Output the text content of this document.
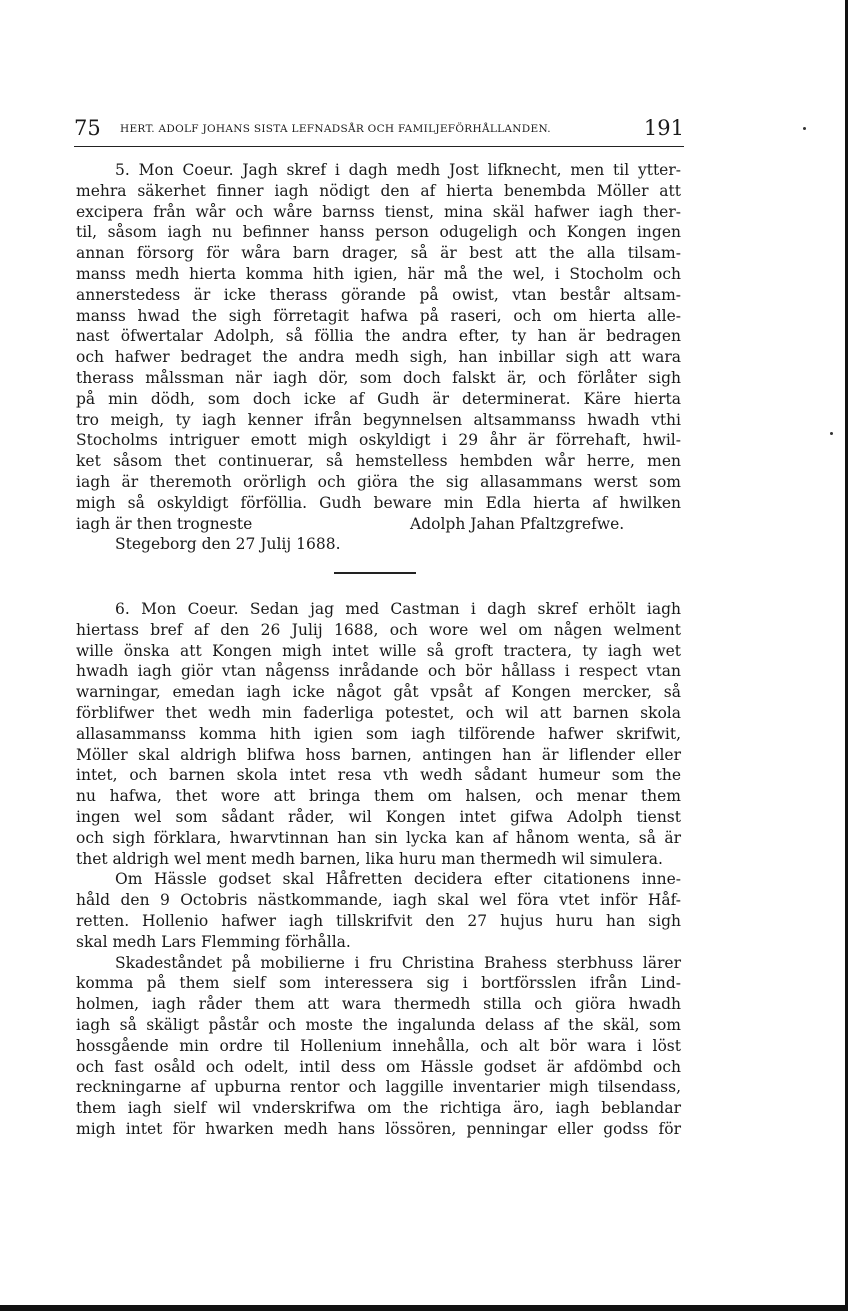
75 HERT. ADOLF JOHANS SISTA LEFNADSÅR OCH FAMILJEFÖRHÅLLANDEN.	191
5. Mon Coeur. Jagh skref i dagh medh Jost lifknecht, men til ytter-
mehra säkerhet finner iagh nödigt den af hierta benembda Möller att
excipera från wår och wåre barnss tienst, mina skäl hafwer iagh ther-
til, såsom iagh nu befinner hanss person odugeligh och Kongen ingen
annan försorg för wåra barn drager, så är best att the alla tilsam-
manss medh hierta komma hith igien, här må the wel, i Stocholm och
annerstedess är icke therass görande på owist, vtan består altsam-
manss hwad the sigh förretagit hafwa på raseri, och om hierta alle-
nast öfwertalar Adolph, så föllia the andra efter, ty han är bedragen
och hafwer bedraget the andra medh sigh, han inbillar sigh att wara
therass målssman när iagh dör, som doch falskt är, och förlåter sigh
på min dödh, som doch icke af Gudh är determinerat. Käre hierta
tro meigh, ty iagh kenner ifrån begynnelsen altsammanss hwadh vthi
Stocholms intriguer emott migh oskyldigt i 29 åhr är förrehaft, hwil-
ket såsom thet continuerar, så hemstelless hembden wår herre, men
iagh är theremoth orörligh och giöra the sig allasammans werst som
migh så oskyldigt förföllia. Gudh beware min Edla hierta af hwilken
iagh är then trogneste	Adolph Jahan Pfaltzgrefwe.
Stegeborg den 27 Julij 1688.
6. Mon Coeur. Sedan jag med Castman i dagh skref erhölt iagh
hiertass bref af den 26 Julij 1688, och wore wel om någen welment
wille önska att Kongen migh intet wille så groft tractera, ty iagh wet
hwadh iagh giör vtan någenss inrådande och bör hållass i respect vtan
warningar, emedan iagh icke något gåt vpsåt af Kongen mercker, så
förblifwer thet wedh min faderliga potestet, och wil att barnen skola
allasammanss komma hith igien som iagh tilförende hafwer skrifwit,
Möller skal aldrigh blifwa hoss barnen, antingen han är liflender eller
intet, och barnen skola intet resa vth wedh sådant humeur som the
nu hafwa, thet wore att bringa them om halsen, och menar them
ingen wel som sådant råder, wil Kongen intet gifwa Adolph tienst
och sigh förklara, hwarvtinnan han sin lycka kan af hånom wenta, så är
thet aldrigh wel ment medh barnen, lika huru man thermedh wil simulera.
Om Hässle godset skal Håfretten decidera efter citationens inne-
håld den 9 Octobris nästkommande, iagh skal wel föra vtet inför Håf-
retten. Hollenio hafwer iagh tillskrifvit den 27 hujus huru han sigh
skal medh Lars Flemming förhålla.
Skadeståndet på mobilierne i fru Christina Brahess sterbhuss lärer
komma på them sielf som interessera sig i bortförsslen ifrån Lind-
holmen, iagh råder them att wara thermedh stilla och giöra hwadh
iagh så skäligt påstår och moste the ingalunda delass af the skäl, som
hossgående min ordre til Hollenium innehålla, och alt bör wara i löst
och fast osåld och odelt, intil dess om Hässle godset är afdömbd och
reckningarne af upburna rentor och laggille inventarier migh tilsendass,
them iagh sielf wil vnderskrifwa om the richtiga äro, iagh beblandar
migh intet för hwarken medh hans lössören, penningar eller godss för
